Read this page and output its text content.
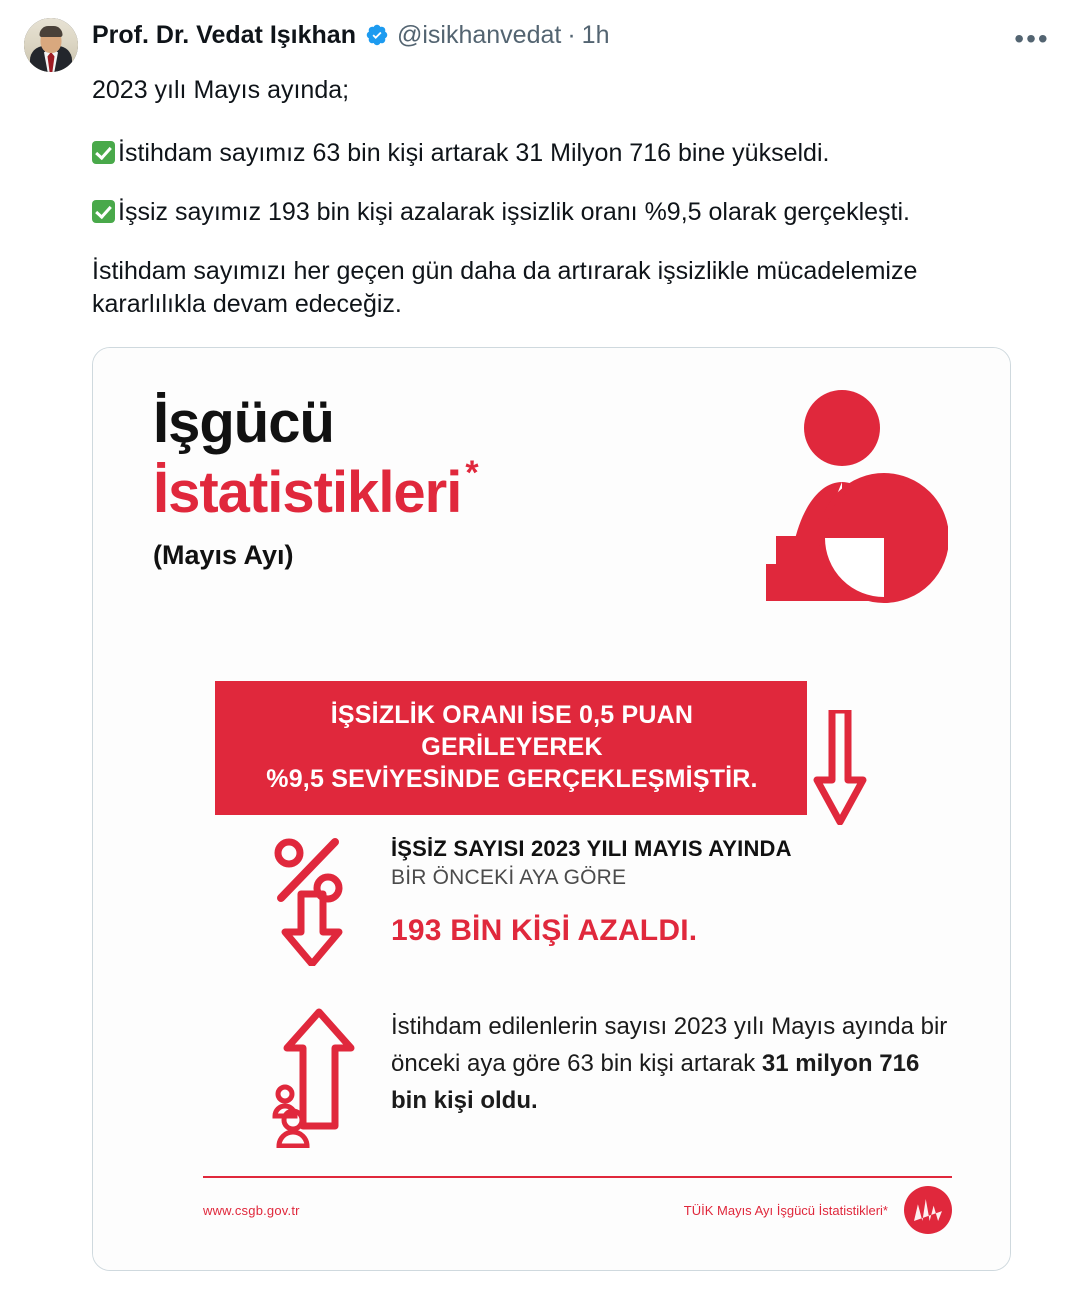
Prof. Dr. Vedat Işıkhan @isikhanvedat · 1h	•••

2023 yılı Mayıs ayında;

İstihdam sayımız 63 bin kişi artarak 31 Milyon 716 bine yükseldi.

İşsiz sayımız 193 bin kişi azalarak işsizlik oranı %9,5 olarak gerçekleşti.

İstihdam sayımızı her geçen gün daha da artırarak işsizlikle mücadelemize kararlılıkla devam edeceğiz.

İşgücü
İstatistikleri *
(Mayıs Ayı)
İŞSİZLİK ORANI İSE 0,5 PUAN GERİLEYEREK
%9,5 SEVİYESİNDE GERÇEKLEŞMİŞTİR.
İŞSİZ SAYISI 2023 YILI MAYIS AYINDA
BİR ÖNCEKİ AYA GÖRE
193 BİN KİŞİ AZALDI.
İstihdam edilenlerin sayısı 2023 yılı Mayıs ayında bir önceki aya göre 63 bin kişi artarak 31 milyon 716 bin kişi oldu.
www.csgb.gov.tr	TÜİK Mayıs Ayı İşgücü İstatistikleri*
